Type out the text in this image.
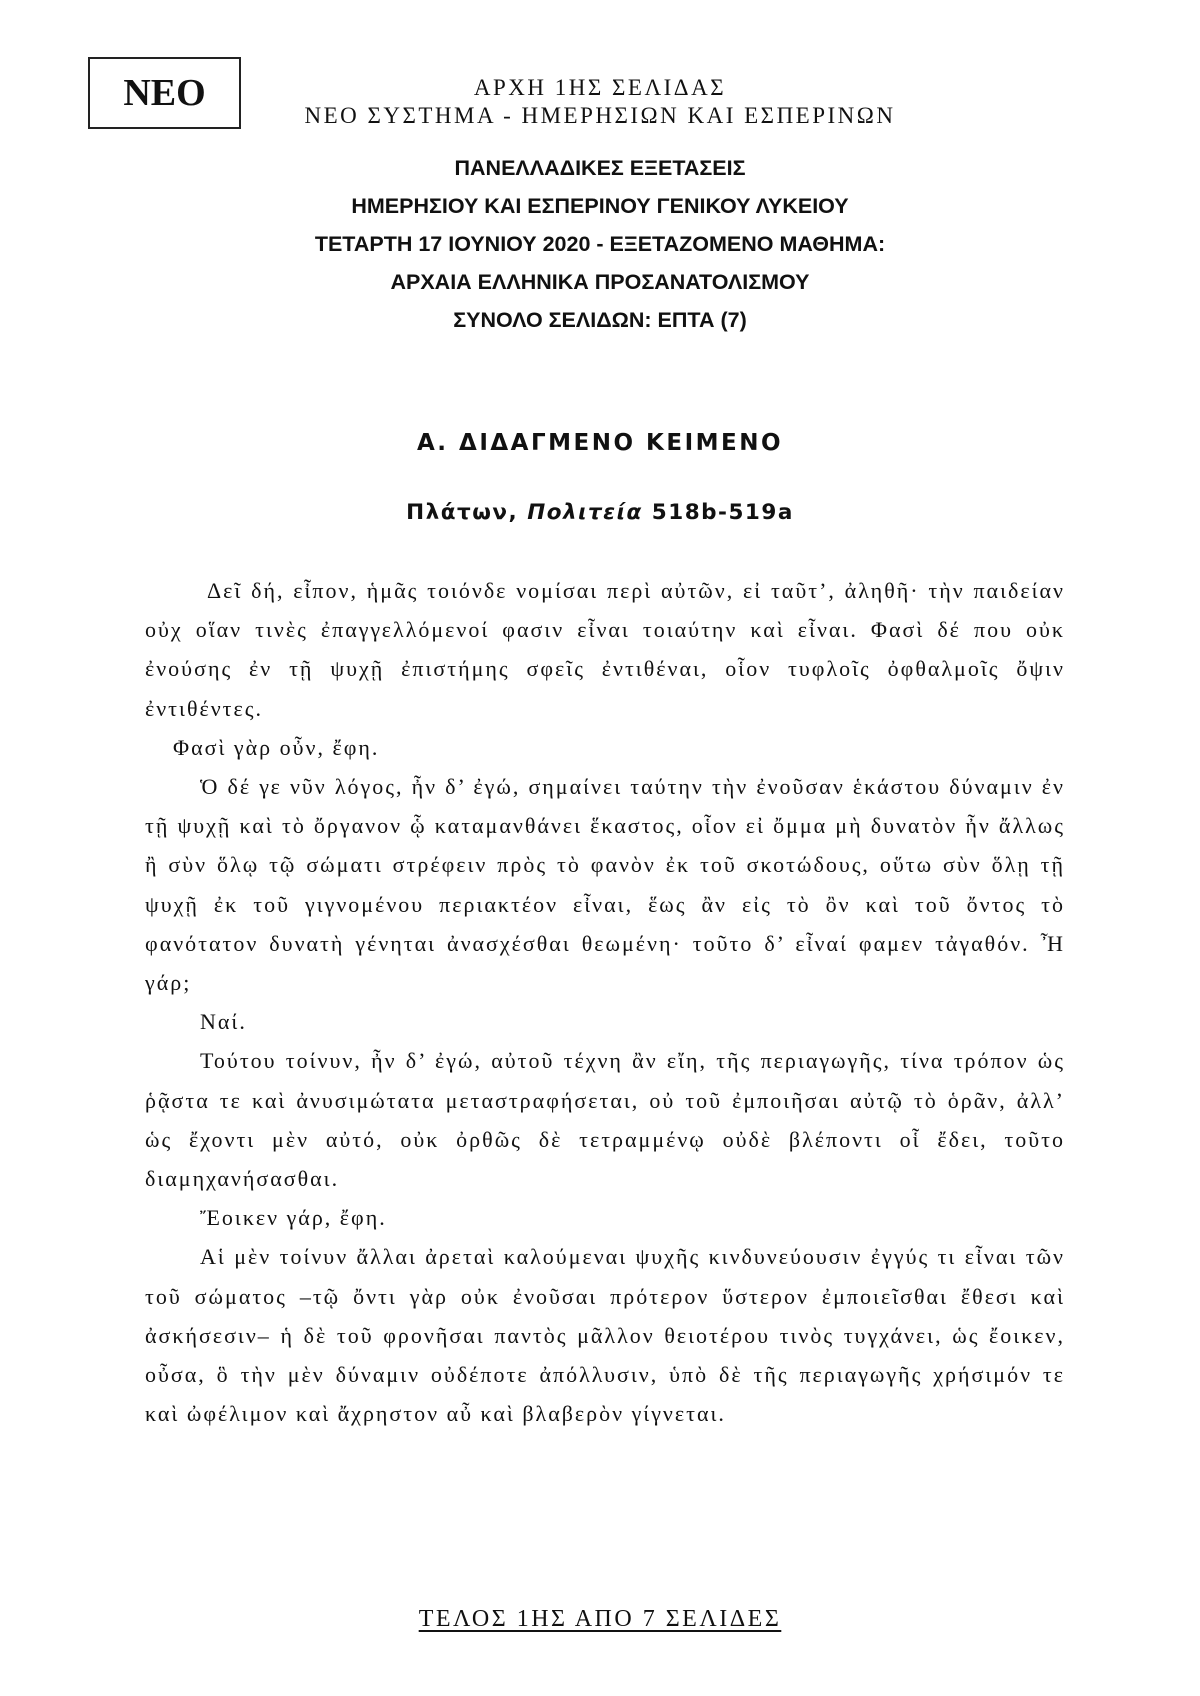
ΝΕΟ	ΑΡΧΗ 1ΗΣ ΣΕΛΙΔΑΣ
ΝΕΟ ΣΥΣΤΗΜΑ - ΗΜΕΡΗΣΙΩΝ ΚΑΙ ΕΣΠΕΡΙΝΩΝ
ΠΑΝΕΛΛΑΔΙΚΕΣ ΕΞΕΤΑΣΕΙΣ
ΗΜΕΡΗΣΙΟΥ ΚΑΙ ΕΣΠΕΡΙΝΟΥ ΓΕΝΙΚΟΥ ΛΥΚΕΙΟΥ
ΤΕΤΑΡΤΗ 17 ΙΟΥΝΙΟΥ 2020 - ΕΞΕΤΑΖΟΜΕΝΟ ΜΑΘΗΜΑ:
ΑΡΧΑΙΑ ΕΛΛΗΝΙΚΑ ΠΡΟΣΑΝΑΤΟΛΙΣΜΟΥ
ΣΥΝΟΛΟ ΣΕΛΙΔΩΝ: ΕΠΤΑ (7)
Α. ΔΙΔΑΓΜΕΝΟ ΚΕΙΜΕΝΟ
Πλάτων, Πολιτεία 518b-519a

Δεῖ δή, εἶπον, ἡμᾶς τοιόνδε νομίσαι περὶ αὐτῶν, εἰ ταῦτ’, ἀληθῆ· τὴν παιδείαν οὐχ οἵαν τινὲς ἐπαγγελλόμενοί φασιν εἶναι τοιαύτην καὶ εἶναι. Φασὶ δέ που οὐκ ἐνούσης ἐν τῇ ψυχῇ ἐπιστήμης σφεῖς ἐντιθέναι, οἷον τυφλοῖς ὀφθαλμοῖς ὄψιν ἐντιθέντες.

Φασὶ γὰρ οὖν, ἔφη.

Ὁ δέ γε νῦν λόγος, ἦν δ’ ἐγώ, σημαίνει ταύτην τὴν ἐνοῦσαν ἑκάστου δύναμιν ἐν τῇ ψυχῇ καὶ τὸ ὄργανον ᾧ καταμανθάνει ἕκαστος, οἷον εἰ ὄμμα μὴ δυνατὸν ἦν ἄλλως ἢ σὺν ὅλῳ τῷ σώματι στρέφειν πρὸς τὸ φανὸν ἐκ τοῦ σκοτώδους, οὕτω σὺν ὅλῃ τῇ ψυχῇ ἐκ τοῦ γιγνομένου περιακτέον εἶναι, ἕως ἂν εἰς τὸ ὂν καὶ τοῦ ὄντος τὸ φανότατον δυνατὴ γένηται ἀνασχέσθαι θεωμένη· τοῦτο δ’ εἶναί φαμεν τἀγαθόν. Ἦ γάρ;

Ναί.

Τούτου τοίνυν, ἦν δ’ ἐγώ, αὐτοῦ τέχνη ἂν εἴη, τῆς περιαγωγῆς, τίνα τρόπον ὡς ῥᾷστα τε καὶ ἀνυσιμώτατα μεταστραφήσεται, οὐ τοῦ ἐμποιῆσαι αὐτῷ τὸ ὁρᾶν, ἀλλ’ ὡς ἔχοντι μὲν αὐτό, οὐκ ὀρθῶς δὲ τετραμμένῳ οὐδὲ βλέποντι οἷ ἔδει, τοῦτο διαμηχανήσασθαι.

Ἔοικεν γάρ, ἔφη.

Αἱ μὲν τοίνυν ἄλλαι ἀρεταὶ καλούμεναι ψυχῆς κινδυνεύουσιν ἐγγύς τι εἶναι τῶν τοῦ σώματος –τῷ ὄντι γὰρ οὐκ ἐνοῦσαι πρότερον ὕστερον ἐμποιεῖσθαι ἔθεσι καὶ ἀσκήσεσιν– ἡ δὲ τοῦ φρονῆσαι παντὸς μᾶλλον θειοτέρου τινὸς τυγχάνει, ὡς ἔοικεν, οὖσα, ὃ τὴν μὲν δύναμιν οὐδέποτε ἀπόλλυσιν, ὑπὸ δὲ τῆς περιαγωγῆς χρήσιμόν τε καὶ ὠφέλιμον καὶ ἄχρηστον αὖ καὶ βλαβερὸν γίγνεται.

ΤΕΛΟΣ 1ΗΣ ΑΠΟ 7 ΣΕΛΙΔΕΣ
